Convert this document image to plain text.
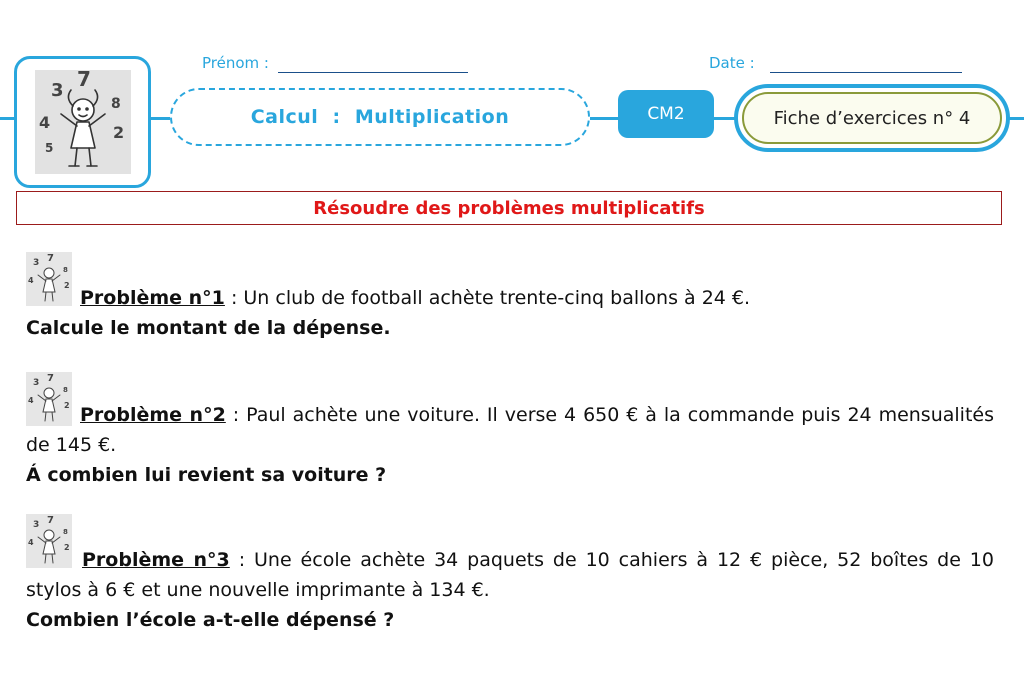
3 7
4
8
2
5
Prénom :	Date :
Calcul  :  Multiplication	CM2	Fiche d’exercices n° 4
Résoudre des problèmes multiplicatifs
3 7
4
8
2
3 7
4
8
2
3 7
4
8
2
Problème n°1 : Un club de football achète trente-cinq ballons à 24 €.
Calcule le montant de la dépense.
Problème n°2 : Paul achète une voiture. Il verse 4 650 € à la commande puis 24 mensualités de 145 €.
Á combien lui revient sa voiture ?
Problème n°3 : Une école achète 34 paquets de 10 cahiers à 12 € pièce, 52 boîtes de 10 stylos à 6 € et une nouvelle imprimante à 134 €.
Combien l’école a-t-elle dépensé ?
